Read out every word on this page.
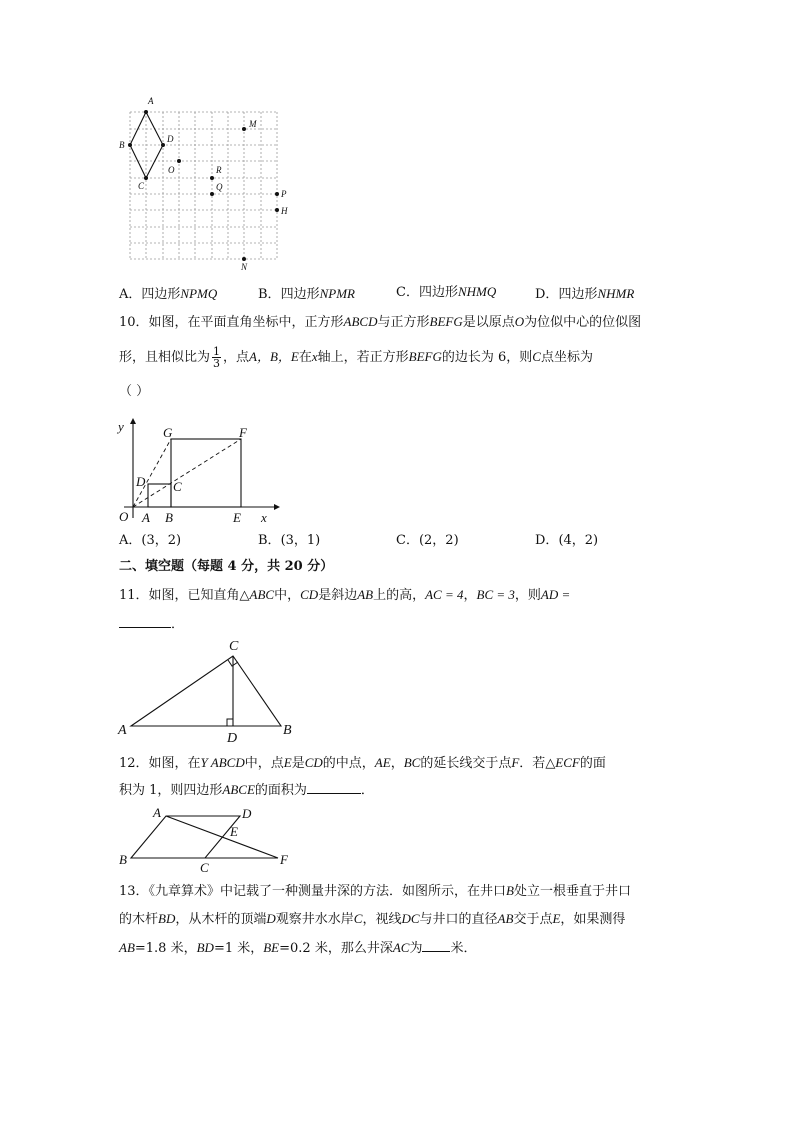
A
B
C
D
O
M
R
Q
P
H
N
A．四边形NPMQ	B．四边形NPMR	C．四边形NHMQ	D．四边形NHMR
10．如图，在平面直角坐标中，正方形ABCD与正方形BEFG是以原点O为位似中心的位似图
形，且相似比为 $\frac{1}{3}$ ，点A，B，E在x轴上，若正方形BEFG的边长为 6，则C点坐标为
（ ）
y
x
O A B	E
D C
G	F
A．(3，2)	B．(3，1)	C．(2，2)	D．(4，2)
二、填空题（每题 4 分，共 20 分）
11．如图，已知直角△ABC中，CD是斜边AB上的高，AC = 4，BC = 3，则AD =
．
A	B
C
D
12．如图，在Y ABCD中，点E是CD的中点，AE，BC的延长线交于点F．若△ECF的面
积为 1，则四边形ABCE的面积为	．
A	D
E
B
C
F
13．《九章算术》中记载了一种测量井深的方法．如图所示，在井口B处立一根垂直于井口
的木杆BD，从木杆的顶端D观察井水水岸C，视线DC与井口的直径AB交于点E，如果测得
AB=1.8 米，BD=1 米，BE=0.2 米，那么井深AC为 米．
